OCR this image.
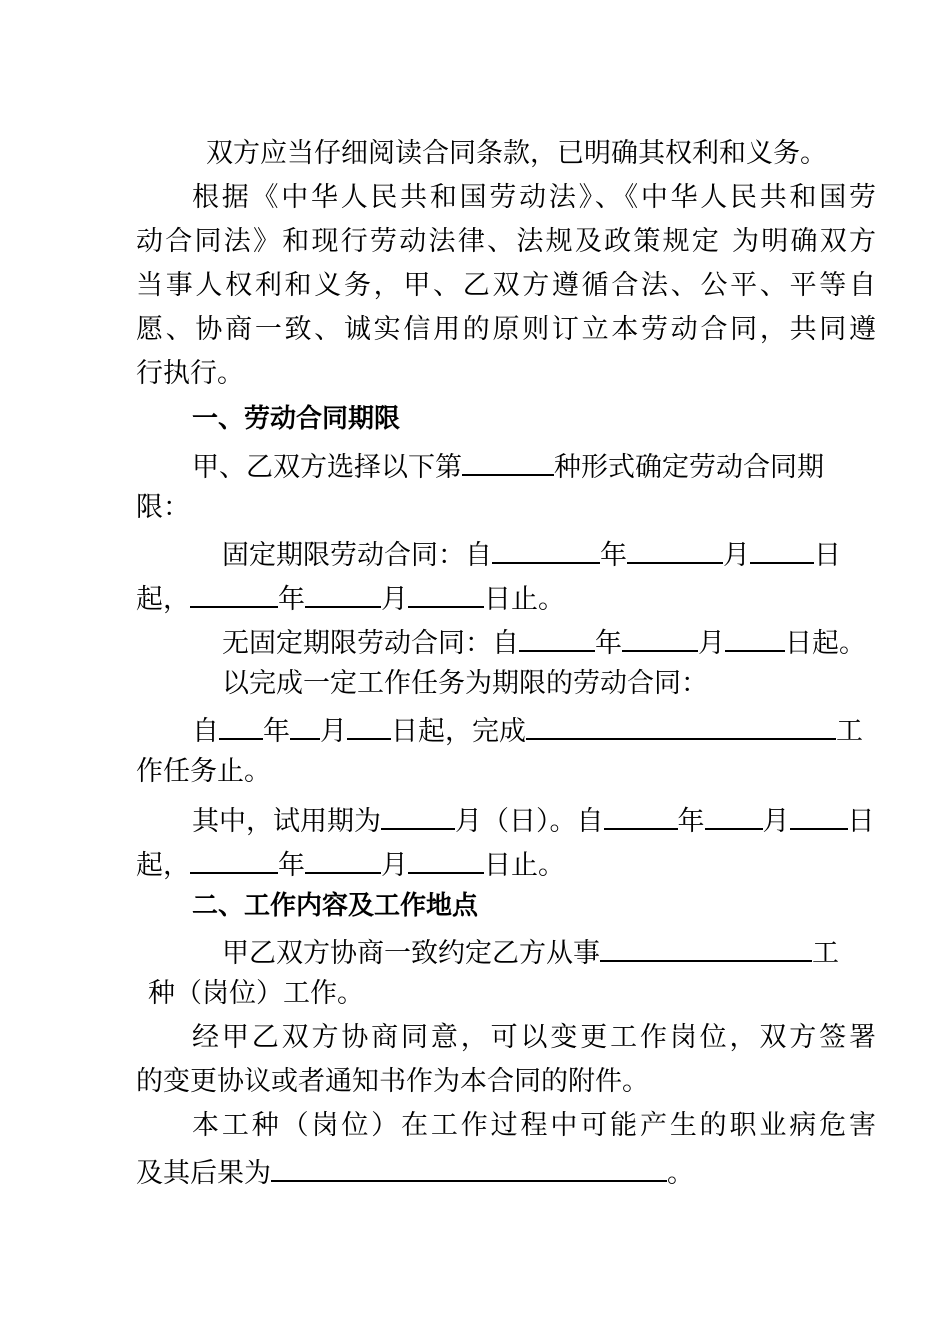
双方应当仔细阅读合同条款，已明确其权利和义务。
根据《中华人民共和国劳动法》、《中华人民共和国劳
动合同法》和现行劳动法律、法规及政策规定 为明确双方
当事人权利和义务，甲、乙双方遵循合法、公平、平等自
愿、协商一致、诚实信用的原则订立本劳动合同，共同遵
行执行。
一、劳动合同期限
甲、乙双方选择以下第	种形式确定劳动合同期
限：
固定期限劳动合同：自	年	月 日
起，	年	月	日止。
无固定期限劳动合同：自	年	月 日起。
以完成一定工作任务为期限的劳动合同：
自 年 月 日起，完成	工
作任务止。
其中，试用期为	月（日）。自	年 月 日
起，	年	月	日止。
二、工作内容及工作地点
甲乙双方协商一致约定乙方从事	工
种（岗位）工作。
经甲乙双方协商同意，可以变更工作岗位，双方签署
的变更协议或者通知书作为本合同的附件。
本工种（岗位）在工作过程中可能产生的职业病危害
及其后果为	。
